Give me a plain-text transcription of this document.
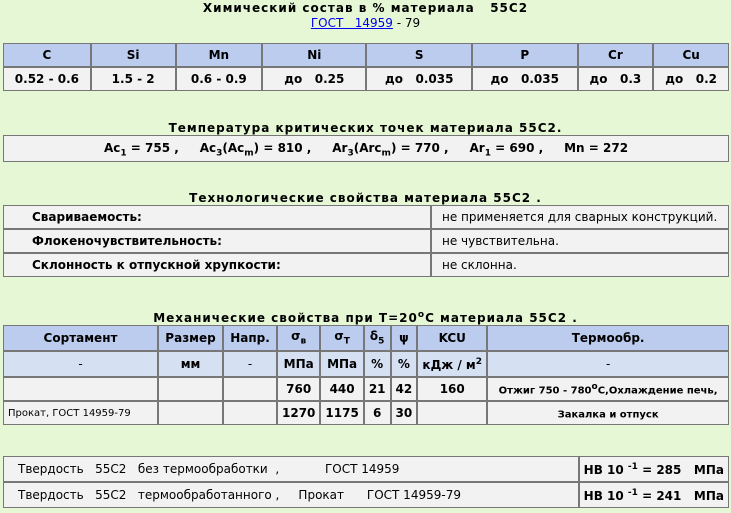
Химический состав в % материала   55С2
ГОСТ   14959 - 79
C	Si	Mn	Ni	S	P	Cr	Cu
0.52 - 0.6	1.5 - 2	0.6 - 0.9	до   0.25	до   0.035	до   0.035	до   0.3	до   0.2
Температура критических точек материала 55С2.
$Ac_1 = 755$ , $Ac_3(Ac_m) = 810$ , $Ar_3(Arc_m) = 770$ , $Ar_1 = 690$ , Mn = 272
Технологические свойства материала 55С2 .
Свариваемость:	не применяется для сварных конструкций.
Флокеночувствительность:	не чувствительна.
Склонность к отпускной хрупкости:	не склонна.
Механические свойства при $Т=20^oС$ материала 55С2 .
Сортамент	Размер	Напр.	$\sigma_в$	$\sigma_T$	$\delta_5$	ψ	KCU	Термообр.
-	мм	-	МПа	МПа	%	%	кДж / $м^2$	-
			760	440	21	42	160	Отжиг 750 - 780$^o$С,Охлаждение печь,
Прокат, ГОСТ 14959-79			1270	1175	6	30		Закалка и отпуск
Твердость   55С2   без термообработки  ,            ГОСТ 14959	HB 10 $^{-1}$ = 285   МПа
Твердость   55С2   термообработанного ,     Прокат      ГОСТ 14959-79	HB 10 $^{-1}$ = 241   МПа
